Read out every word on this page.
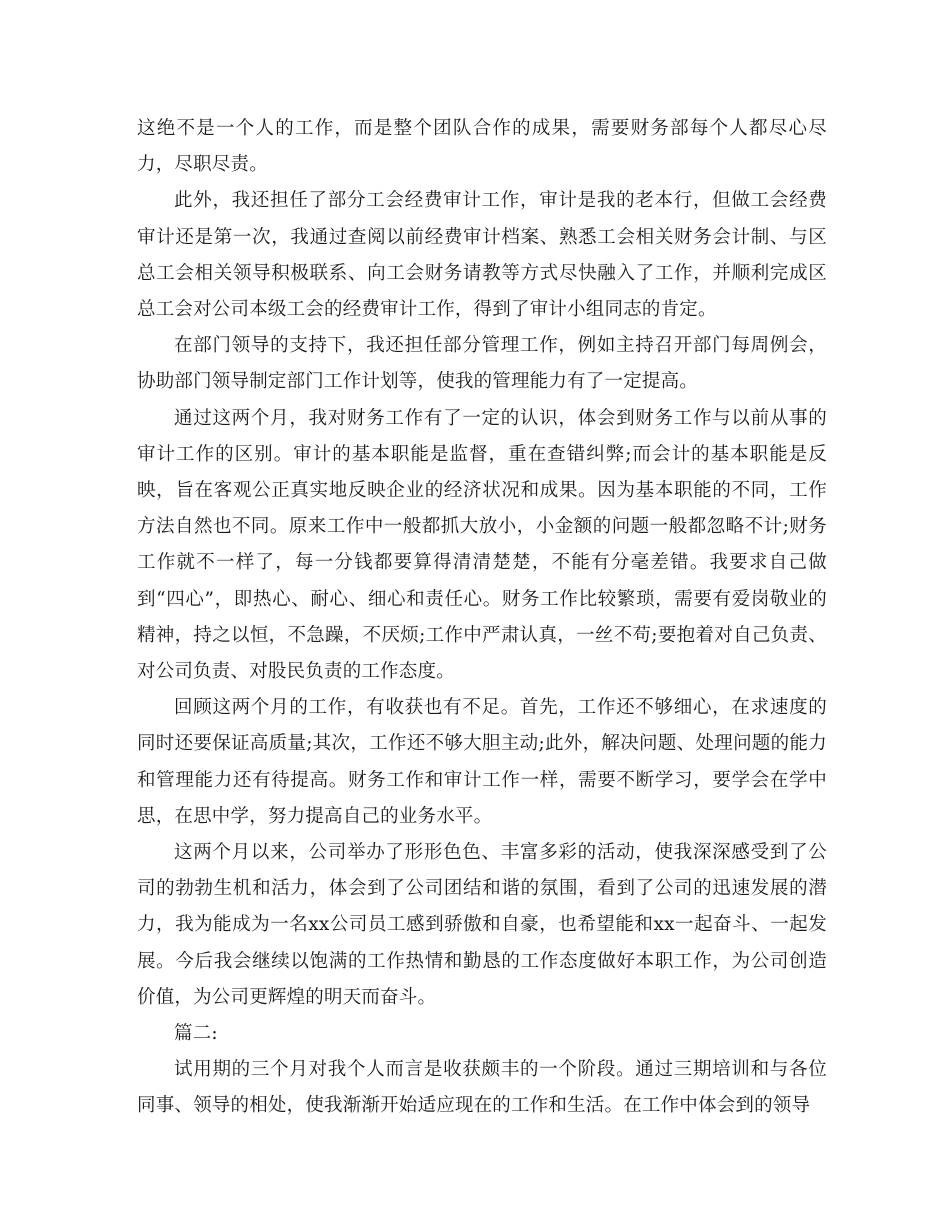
这绝不是一个人的工作，而是整个团队合作的成果，需要财务部每个人都尽心尽力，尽职尽责。

此外，我还担任了部分工会经费审计工作，审计是我的老本行，但做工会经费审计还是第一次，我通过查阅以前经费审计档案、熟悉工会相关财务会计制、与区总工会相关领导积极联系、向工会财务请教等方式尽快融入了工作，并顺利完成区总工会对公司本级工会的经费审计工作，得到了审计小组同志的肯定。

在部门领导的支持下，我还担任部分管理工作，例如主持召开部门每周例会，协助部门领导制定部门工作计划等，使我的管理能力有了一定提高。

通过这两个月，我对财务工作有了一定的认识，体会到财务工作与以前从事的审计工作的区别。审计的基本职能是监督，重在查错纠弊;而会计的基本职能是反映，旨在客观公正真实地反映企业的经济状况和成果。因为基本职能的不同，工作方法自然也不同。原来工作中一般都抓大放小，小金额的问题一般都忽略不计;财务工作就不一样了，每一分钱都要算得清清楚楚，不能有分毫差错。我要求自己做到“四心”，即热心、耐心、细心和责任心。财务工作比较繁琐，需要有爱岗敬业的精神，持之以恒，不急躁，不厌烦;工作中严肃认真，一丝不苟;要抱着对自己负责、对公司负责、对股民负责的工作态度。

回顾这两个月的工作，有收获也有不足。首先，工作还不够细心，在求速度的同时还要保证高质量;其次，工作还不够大胆主动;此外，解决问题、处理问题的能力和管理能力还有待提高。财务工作和审计工作一样，需要不断学习，要学会在学中思，在思中学，努力提高自己的业务水平。

这两个月以来，公司举办了形形色色、丰富多彩的活动，使我深深感受到了公司的勃勃生机和活力，体会到了公司团结和谐的氛围，看到了公司的迅速发展的潜力，我为能成为一名xx公司员工感到骄傲和自豪，也希望能和xx一起奋斗、一起发展。今后我会继续以饱满的工作热情和勤恳的工作态度做好本职工作，为公司创造价值，为公司更辉煌的明天而奋斗。

篇二:

试用期的三个月对我个人而言是收获颇丰的一个阶段。通过三期培训和与各位同事、领导的相处，使我渐渐开始适应现在的工作和生活。在工作中体会到的领导
